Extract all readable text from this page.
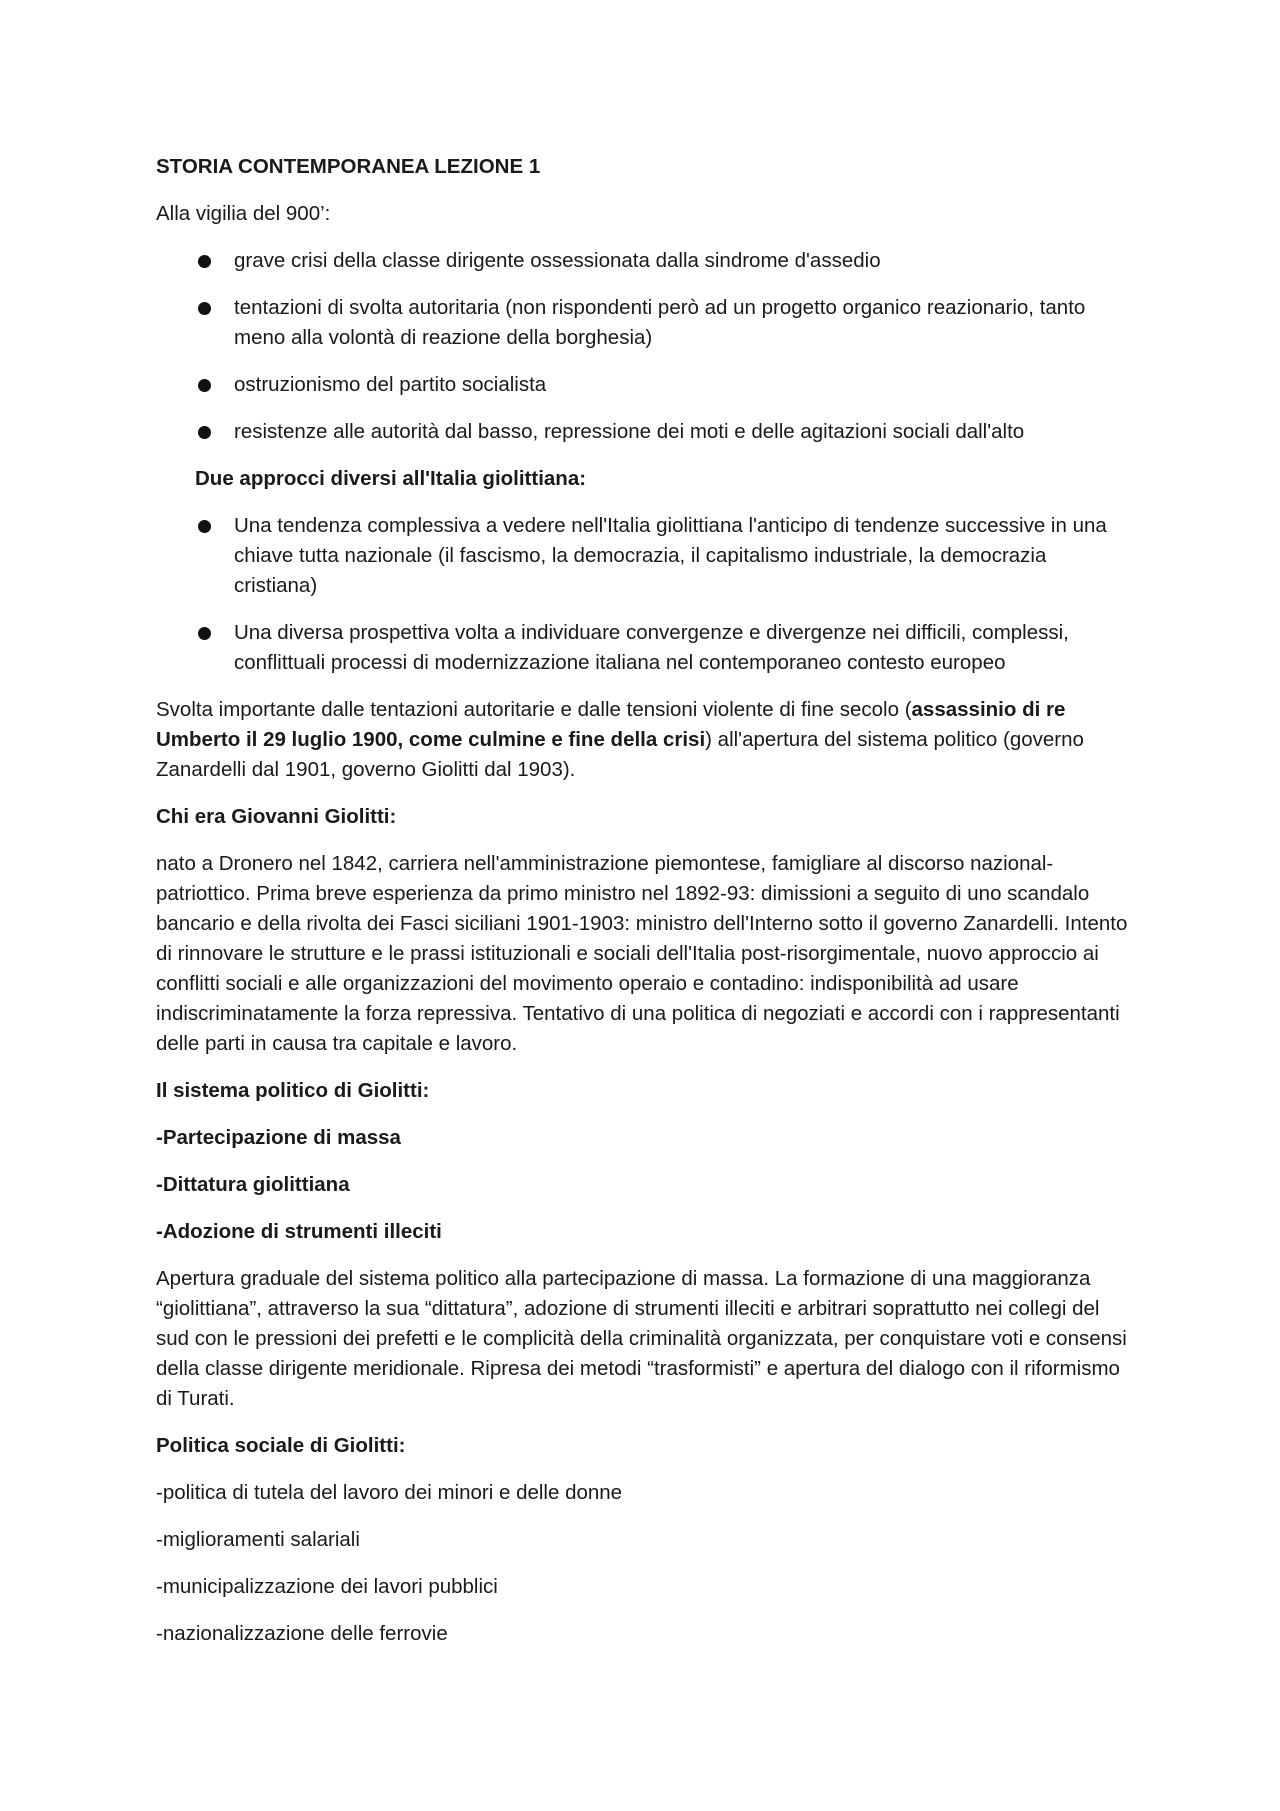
STORIA CONTEMPORANEA LEZIONE 1

Alla vigilia del 900’:

grave crisi della classe dirigente ossessionata dalla sindrome d'assedio
tentazioni di svolta autoritaria (non rispondenti però ad un progetto organico reazionario, tanto meno alla volontà di reazione della borghesia)
ostruzionismo del partito socialista
resistenze alle autorità dal basso, repressione dei moti e delle agitazioni sociali dall'alto

Due approcci diversi all'Italia giolittiana:

Una tendenza complessiva a vedere nell'Italia giolittiana l'anticipo di tendenze successive in una chiave tutta nazionale (il fascismo, la democrazia, il capitalismo industriale, la democrazia cristiana)
Una diversa prospettiva volta a individuare convergenze e divergenze nei difficili, complessi, conflittuali processi di modernizzazione italiana nel contemporaneo contesto europeo

Svolta importante dalle tentazioni autoritarie e dalle tensioni violente di fine secolo (assassinio di re Umberto il 29 luglio 1900, come culmine e fine della crisi) all'apertura del sistema politico (governo Zanardelli dal 1901, governo Giolitti dal 1903).

Chi era Giovanni Giolitti:

nato a Dronero nel 1842, carriera nell'amministrazione piemontese, famigliare al discorso nazional-patriottico. Prima breve esperienza da primo ministro nel 1892-93: dimissioni a seguito di uno scandalo bancario e della rivolta dei Fasci siciliani 1901-1903: ministro dell'Interno sotto il governo Zanardelli. Intento di rinnovare le strutture e le prassi istituzionali e sociali dell'Italia post-risorgimentale, nuovo approccio ai conflitti sociali e alle organizzazioni del movimento operaio e contadino: indisponibilità ad usare indiscriminatamente la forza repressiva. Tentativo di una politica di negoziati e accordi con i rappresentanti delle parti in causa tra capitale e lavoro.

Il sistema politico di Giolitti:

-Partecipazione di massa

-Dittatura giolittiana

-Adozione di strumenti illeciti

Apertura graduale del sistema politico alla partecipazione di massa. La formazione di una maggioranza “giolittiana”, attraverso la sua “dittatura”, adozione di strumenti illeciti e arbitrari soprattutto nei collegi del sud con le pressioni dei prefetti e le complicità della criminalità organizzata, per conquistare voti e consensi della classe dirigente meridionale. Ripresa dei metodi “trasformisti” e apertura del dialogo con il riformismo di Turati.

Politica sociale di Giolitti:

-politica di tutela del lavoro dei minori e delle donne

-miglioramenti salariali

-municipalizzazione dei lavori pubblici

-nazionalizzazione delle ferrovie
